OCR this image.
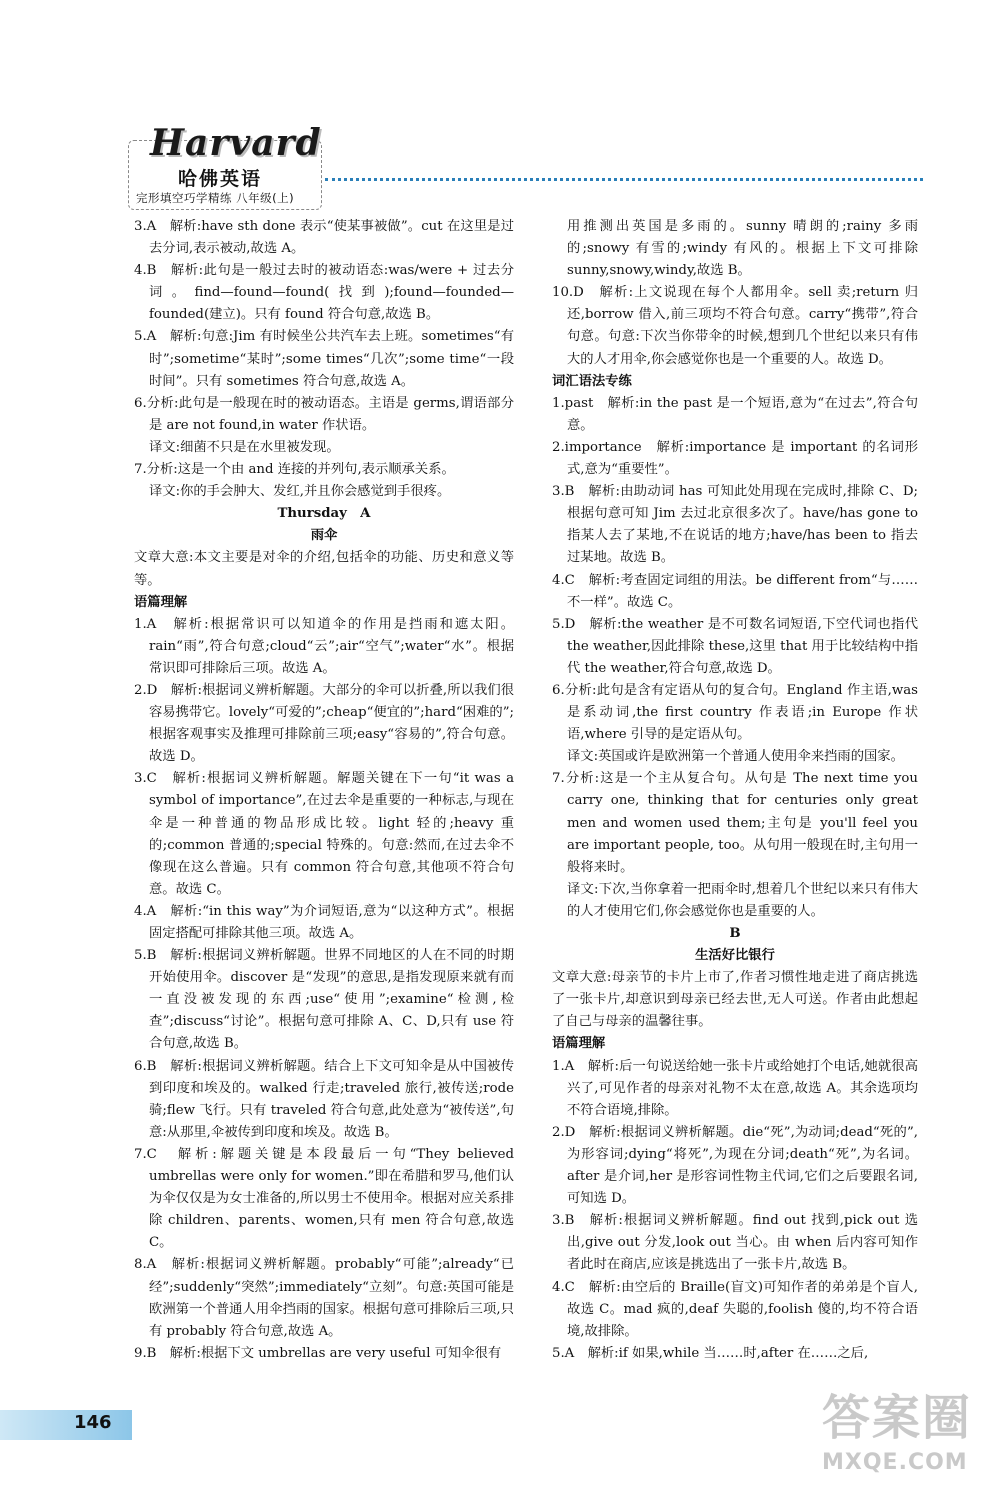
Harvard
哈佛英语
完形填空巧学精练 八年级(上)

3.A　解析:have sth done 表示“使某事被做”。cut 在这里是过去分词,表示被动,故选 A。

4.B　解析:此句是一般过去时的被动语态:was/were + 过去分词。find—found—found(找到);found—founded—founded(建立)。只有 found 符合句意,故选 B。

5.A　解析:句意:Jim 有时候坐公共汽车去上班。sometimes“有时”;sometime“某时”;some times“几次”;some time“一段时间”。只有 sometimes 符合句意,故选 A。

6.分析:此句是一般现在时的被动语态。主语是 germs,谓语部分是 are not found,in water 作状语。

译文:细菌不只是在水里被发现。

7.分析:这是一个由 and 连接的并列句,表示顺承关系。

译文:你的手会肿大、发红,并且你会感觉到手很疼。

Thursday　A

雨伞

文章大意:本文主要是对伞的介绍,包括伞的功能、历史和意义等等。

语篇理解

1.A　解析:根据常识可以知道伞的作用是挡雨和遮太阳。rain“雨”,符合句意;cloud“云”;air“空气”;water“水”。根据常识即可排除后三项。故选 A。

2.D　解析:根据词义辨析解题。大部分的伞可以折叠,所以我们很容易携带它。lovely“可爱的”;cheap“便宜的”;hard“困难的”;根据客观事实及推理可排除前三项;easy“容易的”,符合句意。故选 D。

3.C　解析:根据词义辨析解题。解题关键在下一句“it was a symbol of importance”,在过去伞是重要的一种标志,与现在伞是一种普通的物品形成比较。light 轻的;heavy 重的;common 普通的;special 特殊的。句意:然而,在过去伞不像现在这么普遍。只有 common 符合句意,其他项不符合句意。故选 C。

4.A　解析:“in this way”为介词短语,意为“以这种方式”。根据固定搭配可排除其他三项。故选 A。

5.B　解析:根据词义辨析解题。世界不同地区的人在不同的时期开始使用伞。discover 是“发现”的意思,是指发现原来就有而一直没被发现的东西;use“使用”;examine“检测,检查”;discuss“讨论”。根据句意可排除 A、C、D,只有 use 符合句意,故选 B。

6.B　解析:根据词义辨析解题。结合上下文可知伞是从中国被传到印度和埃及的。walked 行走;traveled 旅行,被传送;rode 骑;flew 飞行。只有 traveled 符合句意,此处意为“被传送”,句意:从那里,伞被传到印度和埃及。故选 B。

7.C　解析:解题关键是本段最后一句“They believed umbrellas were only for women.”即在希腊和罗马,他们认为伞仅仅是为女士准备的,所以男士不使用伞。根据对应关系排除 children、parents、women,只有 men 符合句意,故选 C。

8.A　解析:根据词义辨析解题。probably“可能”;already“已经”;suddenly“突然”;immediately“立刻”。句意:英国可能是欧洲第一个普通人用伞挡雨的国家。根据句意可排除后三项,只有 probably 符合句意,故选 A。

9.B　解析:根据下文 umbrellas are very useful 可知伞很有

用推测出英国是多雨的。sunny 晴朗的;rainy 多雨的;snowy 有雪的;windy 有风的。根据上下文可排除 sunny,snowy,windy,故选 B。

10.D　解析:上文说现在每个人都用伞。sell 卖;return 归还,borrow 借入,前三项均不符合句意。carry“携带”,符合句意。句意:下次当你带伞的时候,想到几个世纪以来只有伟大的人才用伞,你会感觉你也是一个重要的人。故选 D。

词汇语法专练

1.past　解析:in the past 是一个短语,意为“在过去”,符合句意。

2.importance　解析:importance 是 important 的名词形式,意为“重要性”。

3.B　解析:由助动词 has 可知此处用现在完成时,排除 C、D;根据句意可知 Jim 去过北京很多次了。have/has gone to 指某人去了某地,不在说话的地方;have/has been to 指去过某地。故选 B。

4.C　解析:考查固定词组的用法。be different from“与……不一样”。故选 C。

5.D　解析:the weather 是不可数名词短语,下空代词也指代 the weather,因此排除 these,这里 that 用于比较结构中指代 the weather,符合句意,故选 D。

6.分析:此句是含有定语从句的复合句。England 作主语,was 是系动词,the first country 作表语;in Europe 作状语,where 引导的是定语从句。

译文:英国或许是欧洲第一个普通人使用伞来挡雨的国家。

7.分析:这是一个主从复合句。从句是 The next time you carry one, thinking that for centuries only great men and women used them;主句是 you'll feel you are important people, too。从句用一般现在时,主句用一般将来时。

译文:下次,当你拿着一把雨伞时,想着几个世纪以来只有伟大的人才使用它们,你会感觉你也是重要的人。

B

生活好比银行

文章大意:母亲节的卡片上市了,作者习惯性地走进了商店挑选了一张卡片,却意识到母亲已经去世,无人可送。作者由此想起了自己与母亲的温馨往事。

语篇理解

1.A　解析:后一句说送给她一张卡片或给她打个电话,她就很高兴了,可见作者的母亲对礼物不太在意,故选 A。其余选项均不符合语境,排除。

2.D　解析:根据词义辨析解题。die“死”,为动词;dead“死的”,为形容词;dying“将死”,为现在分词;death“死”,为名词。after 是介词,her 是形容词性物主代词,它们之后要跟名词,可知选 D。

3.B　解析:根据词义辨析解题。find out 找到,pick out 选出,give out 分发,look out 当心。由 when 后内容可知作者此时在商店,应该是挑选出了一张卡片,故选 B。

4.C　解析:由空后的 Braille(盲文)可知作者的弟弟是个盲人,故选 C。mad 疯的,deaf 失聪的,foolish 傻的,均不符合语境,故排除。

5.A　解析:if 如果,while 当……时,after 在……之后,

146	答案圈
MXQE.COM
